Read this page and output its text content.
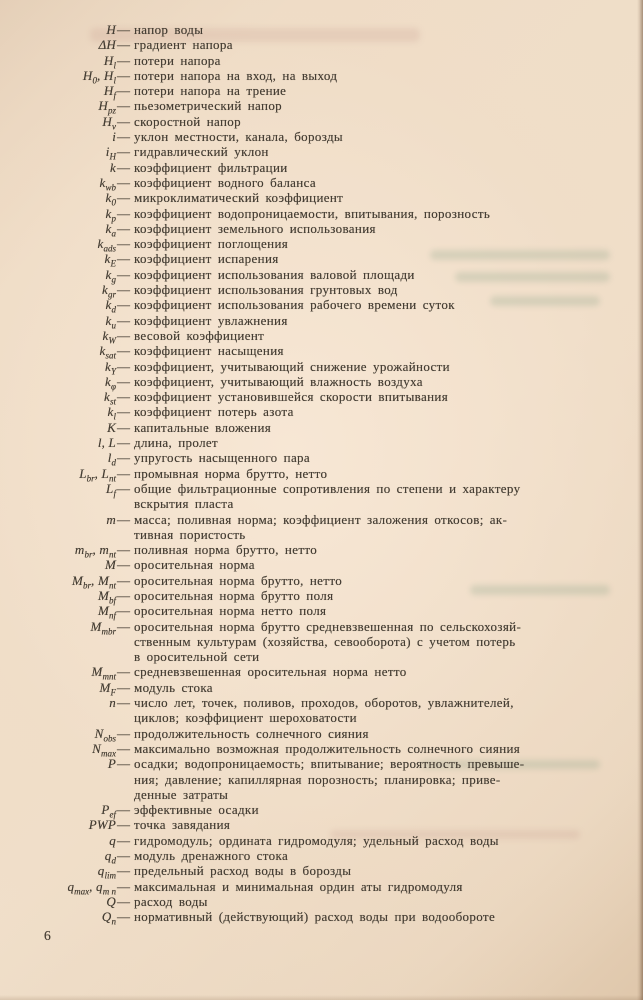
H — напор воды
ΔH — градиент напора
$H_l$ — потери напора
$H_0$, $H_l$ — потери напора на вход, на выход
$H_f$ — потери напора на трение
$H_{pz}$ — пьезометрический напор
$H_v$ — скоростной напор
i — уклон местности, канала, борозды
$i_H$ — гидравлический уклон
k — коэффициент фильтрации
$k_{wb}$ — коэффициент водного баланса
$k_0$ — микроклиматический коэффициент
$k_p$ — коэффициент водопроницаемости, впитывания, порозность
$k_a$ — коэффициент земельного использования
$k_{ads}$ — коэффициент поглощения
$k_E$ — коэффициент испарения
$k_g$ — коэффициент использования валовой площади
$k_{gr}$ — коэффициент использования грунтовых вод
$k_d$ — коэффициент использования рабочего времени суток
$k_u$ — коэффициент увлажнения
$k_W$ — весовой коэффициент
$k_{sat}$ — коэффициент насыщения
$k_Y$ — коэффициент, учитывающий снижение урожайности
$k_\varphi$ — коэффициент, учитывающий влажность воздуха
$k_{st}$ — коэффициент установившейся скорости впитывания
$k_l$ — коэффициент потерь азота
K — капитальные вложения
l, L — длина, пролет
$l_d$ — упругость насыщенного пара
$L_{br}$, $L_{nt}$ — промывная норма брутто, нетто
$L_f$ — общие фильтрационные сопротивления по степени и характеру
вскрытия пласта
m — масса; поливная норма; коэффициент заложения откосов; ак-
тивная пористость
$m_{br}$, $m_{nt}$ — поливная норма брутто, нетто
M — оросительная норма
$M_{br}$, $M_{nt}$ — оросительная норма брутто, нетто
$M_{bf}$ — оросительная норма брутто поля
$M_{nf}$ — оросительная норма нетто поля
$M_{mbr}$ — оросительная норма брутто средневзвешенная по сельскохозяй-
ственным культурам (хозяйства, севооборота) с учетом потерь
в оросительной сети
$M_{mnt}$ — средневзвешенная оросительная норма нетто
$M_F$ — модуль стока
n — число лет, точек, поливов, проходов, оборотов, увлажнителей,
циклов; коэффициент шероховатости
$N_{obs}$ — продолжительность солнечного сияния
$N_{max}$ — максимально возможная продолжительность солнечного сияния
P — осадки; водопроницаемость; впитывание; вероятность превыше-
ния; давление; капиллярная порозность; планировка; приве-
денные затраты
$P_{ef}$ — эффективные осадки
PWP — точка завядания
q — гидромодуль; ордината гидромодуля; удельный расход воды
$q_d$ — модуль дренажного стока
$q_{lim}$ — предельный расход воды в борозды
$q_{max}$, $q_{m n}$ — максимальная и минимальная ордин аты гидромодуля
Q — расход воды
$Q_n$ — нормативный (действующий) расход воды при водообороте
6
